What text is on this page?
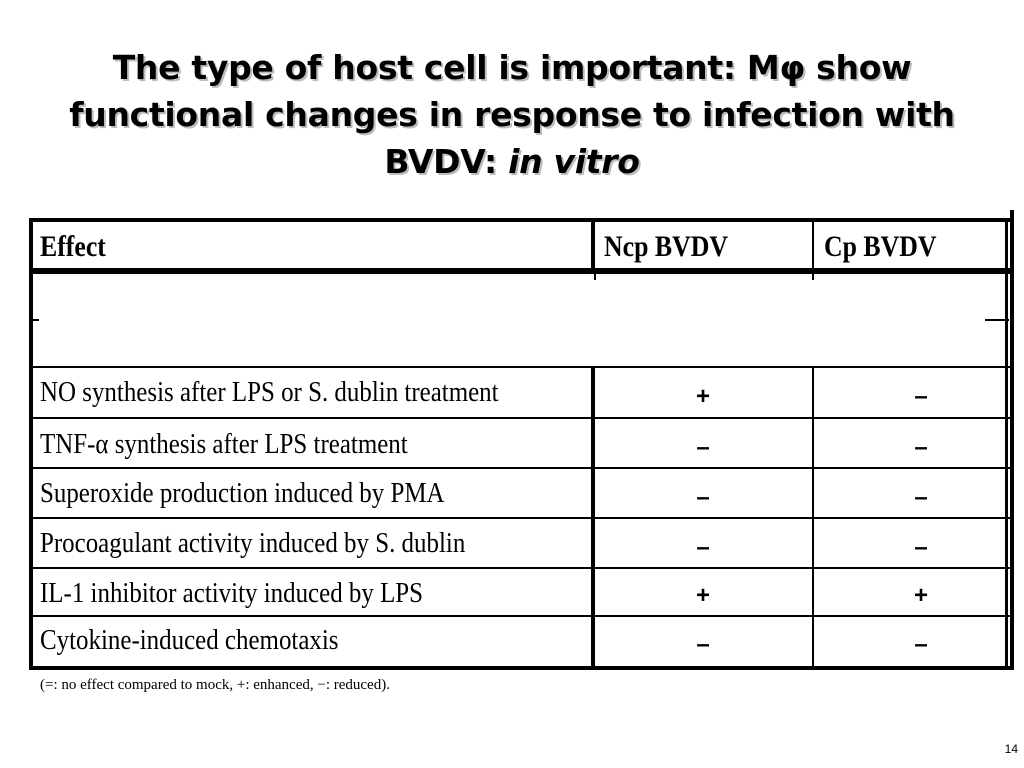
The type of host cell is important: Mφ show
functional changes in response to infection with
BVDV: in vitro
Effect	Ncp BVDV	Cp BVDV
NO synthesis after LPS or S. dublin treatment	+	–
TNF-α synthesis after LPS treatment	–	–
Superoxide production induced by PMA	–	–
Procoagulant activity induced by S. dublin	–	–
IL-1 inhibitor activity induced by LPS	+	+
Cytokine-induced chemotaxis	–	–
(=: no effect compared to mock, +: enhanced, −: reduced).
14
